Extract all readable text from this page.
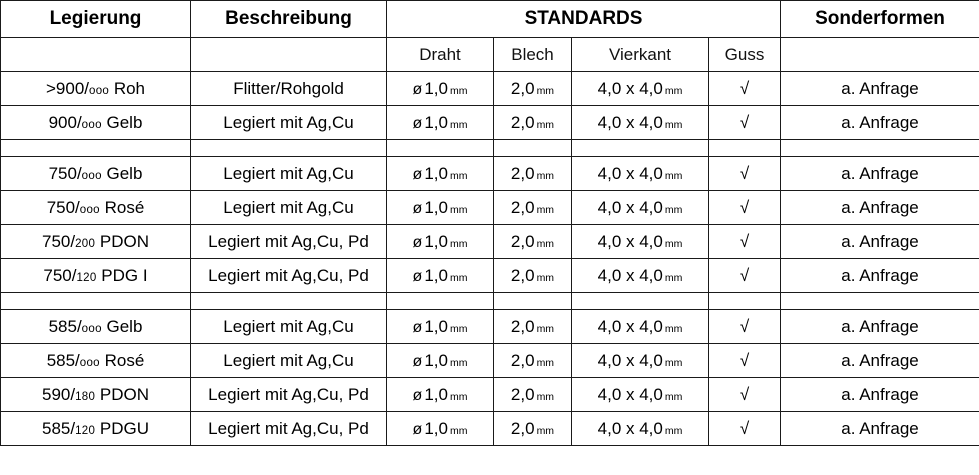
Legierung	Beschreibung	STANDARDS				Sonderformen
		Draht	Blech	Vierkant	Guss	
>900/ooo Roh	Flitter/Rohgold	ø 1,0 mm	2,0 mm	4,0 x 4,0 mm	√	a. Anfrage
900/ooo Gelb	Legiert mit Ag,Cu	ø 1,0 mm	2,0 mm	4,0 x 4,0 mm	√	a. Anfrage

750/ooo Gelb	Legiert mit Ag,Cu	ø 1,0 mm	2,0 mm	4,0 x 4,0 mm	√	a. Anfrage
750/ooo Rosé	Legiert mit Ag,Cu	ø 1,0 mm	2,0 mm	4,0 x 4,0 mm	√	a. Anfrage
750/200 PDON	Legiert mit Ag,Cu, Pd	ø 1,0 mm	2,0 mm	4,0 x 4,0 mm	√	a. Anfrage
750/120 PDG I	Legiert mit Ag,Cu, Pd	ø 1,0 mm	2,0 mm	4,0 x 4,0 mm	√	a. Anfrage

585/ooo Gelb	Legiert mit Ag,Cu	ø 1,0 mm	2,0 mm	4,0 x 4,0 mm	√	a. Anfrage
585/ooo Rosé	Legiert mit Ag,Cu	ø 1,0 mm	2,0 mm	4,0 x 4,0 mm	√	a. Anfrage
590/180 PDON	Legiert mit Ag,Cu, Pd	ø 1,0 mm	2,0 mm	4,0 x 4,0 mm	√	a. Anfrage
585/120 PDGU	Legiert mit Ag,Cu, Pd	ø 1,0 mm	2,0 mm	4,0 x 4,0 mm	√	a. Anfrage
